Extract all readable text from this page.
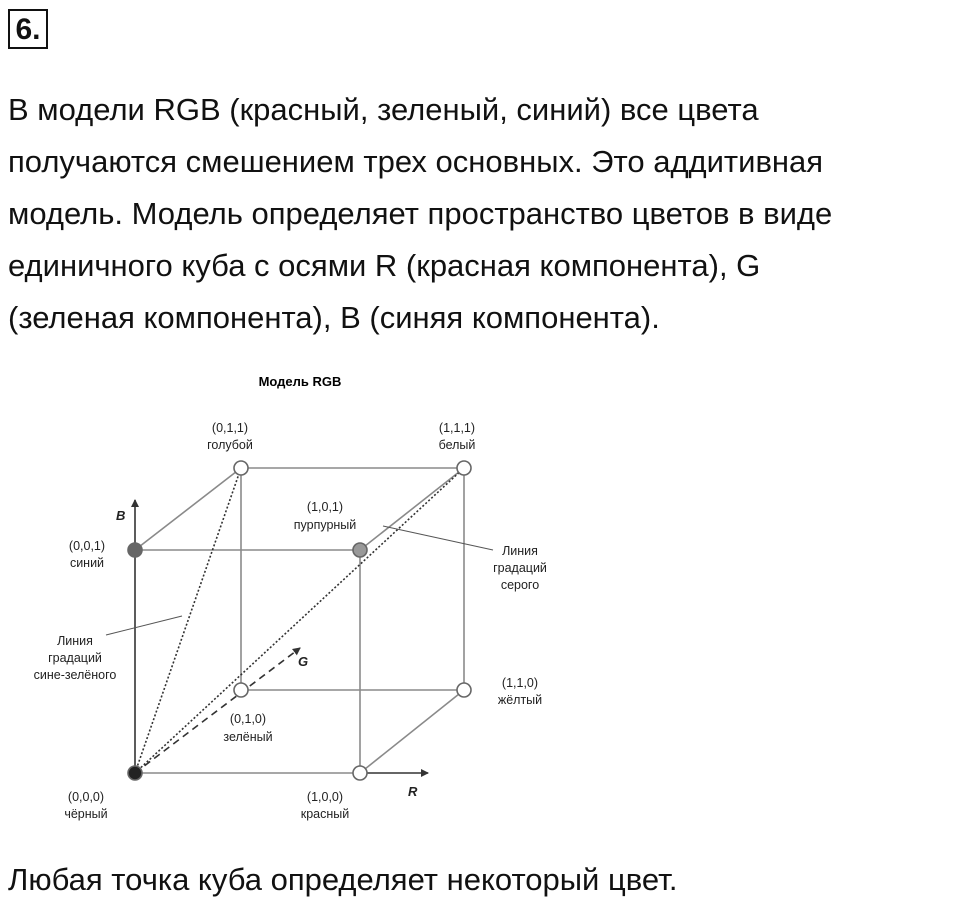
6.

В модели RGB (красный, зеленый, синий) все цвета
получаются смешением трех основных. Это аддитивная
модель. Модель определяет пространство цветов в виде
единичного куба с осями R (красная компонента), G
(зеленая компонента), B (синяя компонента).

Модель RGB
B
R
G
(0,0,0)
чёрный
(1,0,0)
красный
(0,1,0)
зелёный
(0,0,1)
синий
(1,1,0)
жёлтый
(1,0,1)
пурпурный
(0,1,1)
голубой
(1,1,1)
белый
Линия
градаций
серого
Линия
градаций
сине-зелёного

Любая точка куба определяет некоторый цвет.
